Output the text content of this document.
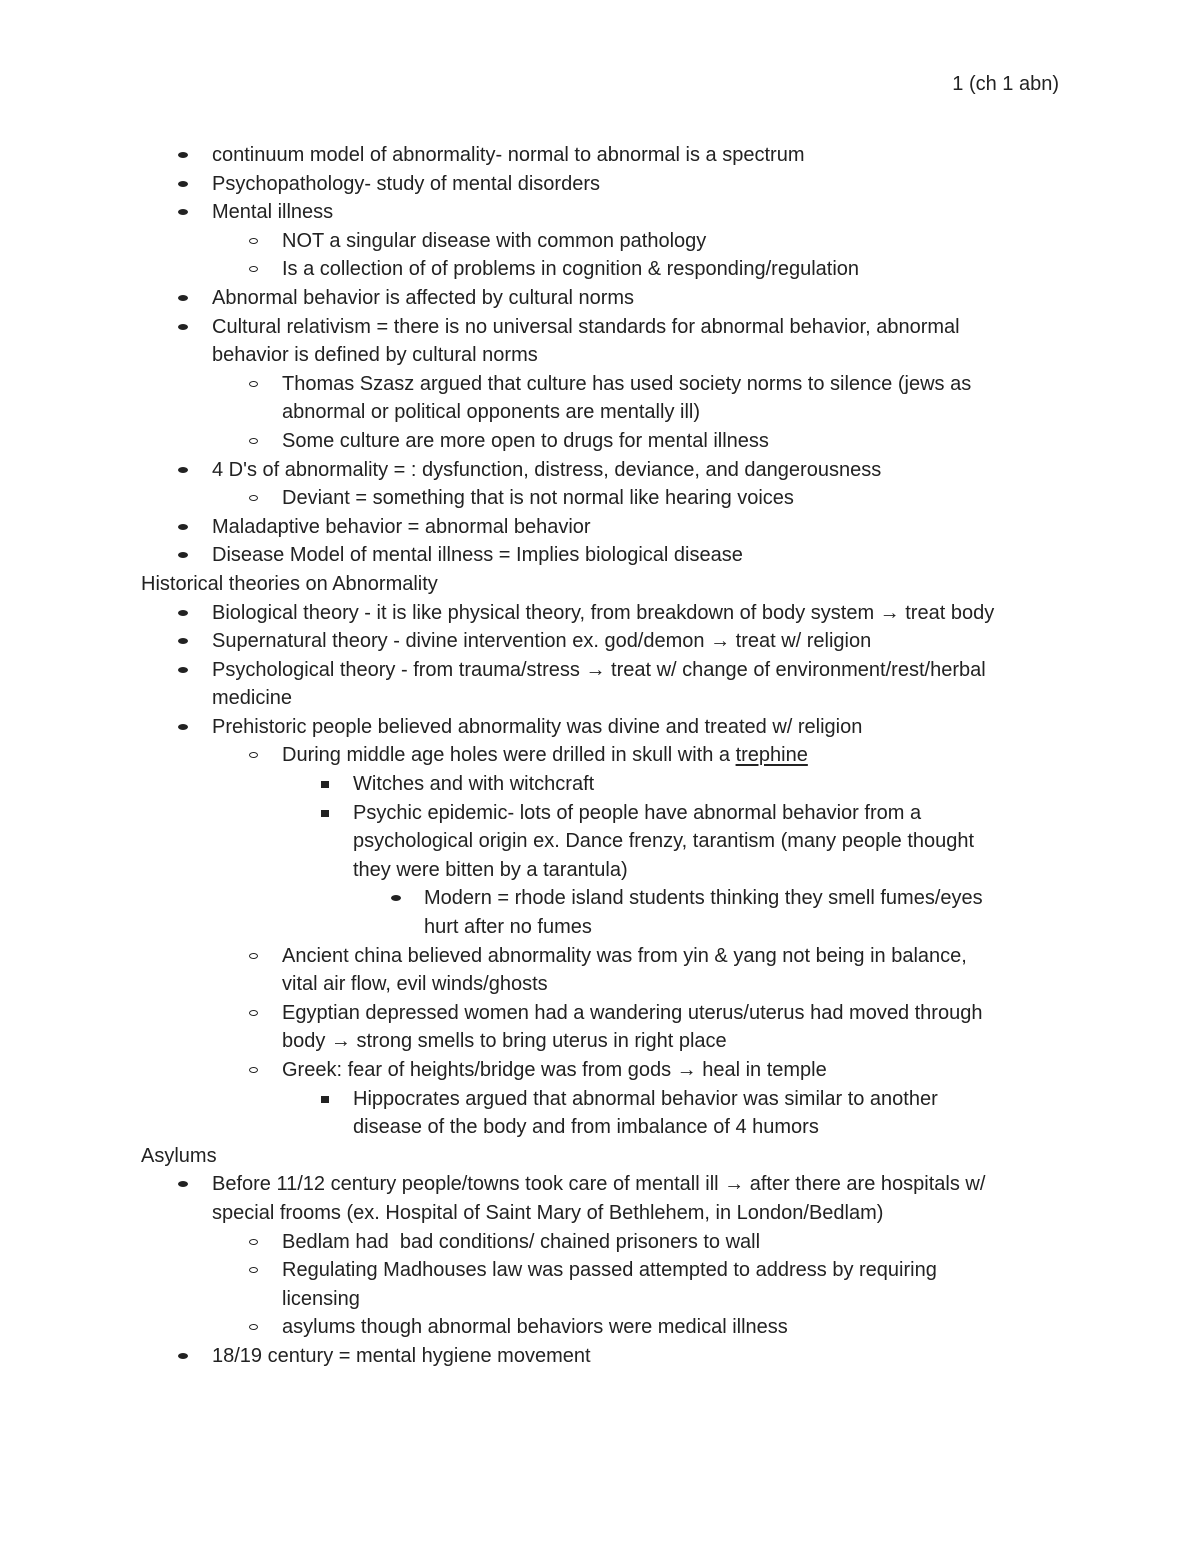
1 (ch 1 abn)
continuum model of abnormality- normal to abnormal is a spectrum
Psychopathology- study of mental disorders
Mental illness
NOT a singular disease with common pathology
Is a collection of of problems in cognition & responding/regulation
Abnormal behavior is affected by cultural norms
Cultural relativism = there is no universal standards for abnormal behavior, abnormal
behavior is defined by cultural norms
Thomas Szasz argued that culture has used society norms to silence (jews as
abnormal or political opponents are mentally ill)
Some culture are more open to drugs for mental illness
4 D's of abnormality = : dysfunction, distress, deviance, and dangerousness
Deviant = something that is not normal like hearing voices
Maladaptive behavior = abnormal behavior
Disease Model of mental illness = Implies biological disease
Historical theories on Abnormality
Biological theory - it is like physical theory, from breakdown of body system → treat body
Supernatural theory - divine intervention ex. god/demon → treat w/ religion
Psychological theory - from trauma/stress → treat w/ change of environment/rest/herbal
medicine
Prehistoric people believed abnormality was divine and treated w/ religion
During middle age holes were drilled in skull with a trephine
Witches and with witchcraft
Psychic epidemic- lots of people have abnormal behavior from a
psychological origin ex. Dance frenzy, tarantism (many people thought
they were bitten by a tarantula)
Modern = rhode island students thinking they smell fumes/eyes
hurt after no fumes
Ancient china believed abnormality was from yin & yang not being in balance,
vital air flow, evil winds/ghosts
Egyptian depressed women had a wandering uterus/uterus had moved through
body → strong smells to bring uterus in right place
Greek: fear of heights/bridge was from gods → heal in temple
Hippocrates argued that abnormal behavior was similar to another
disease of the body and from imbalance of 4 humors
Asylums
Before 11/12 century people/towns took care of mentall ill → after there are hospitals w/
special frooms (ex. Hospital of Saint Mary of Bethlehem, in London/Bedlam)
Bedlam had  bad conditions/ chained prisoners to wall
Regulating Madhouses law was passed attempted to address by requiring
licensing
asylums though abnormal behaviors were medical illness
18/19 century = mental hygiene movement
